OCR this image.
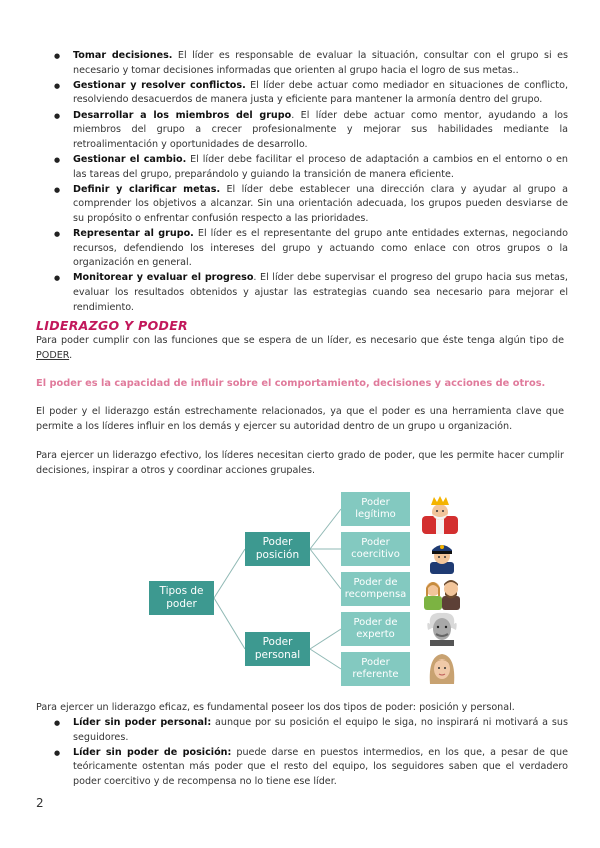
● Tomar decisiones. El líder es responsable de evaluar la situación, consultar con el grupo si es necesario y tomar decisiones informadas que orienten al grupo hacia el logro de sus metas..
● Gestionar y resolver conflictos. El líder debe actuar como mediador en situaciones de conflicto, resolviendo desacuerdos de manera justa y eficiente para mantener la armonía dentro del grupo.
● Desarrollar a los miembros del grupo. El líder debe actuar como mentor, ayudando a los miembros del grupo a crecer profesionalmente y mejorar sus habilidades mediante la retroalimentación y oportunidades de desarrollo.
● Gestionar el cambio. El líder debe facilitar el proceso de adaptación a cambios en el entorno o en las tareas del grupo, preparándolo y guiando la transición de manera eficiente.
● Definir y clarificar metas. El líder debe establecer una dirección clara y ayudar al grupo a comprender los objetivos a alcanzar. Sin una orientación adecuada, los grupos pueden desviarse de su propósito o enfrentar confusión respecto a las prioridades.
● Representar al grupo. El líder es el representante del grupo ante entidades externas, negociando recursos, defendiendo los intereses del grupo y actuando como enlace con otros grupos o la organización en general.
● Monitorear y evaluar el progreso. El líder debe supervisar el progreso del grupo hacia sus metas, evaluar los resultados obtenidos y ajustar las estrategias cuando sea necesario para mejorar el rendimiento.
LIDERAZGO Y PODER
Para poder cumplir con las funciones que se espera de un líder, es necesario que éste tenga algún tipo de PODER.
El poder es la capacidad de influir sobre el comportamiento, decisiones y acciones de otros.
El poder y el liderazgo están estrechamente relacionados, ya que el poder es una herramienta clave que permite a los líderes influir en los demás y ejercer su autoridad dentro de un grupo u organización.
Para ejercer un liderazgo efectivo, los líderes necesitan cierto grado de poder, que les permite hacer cumplir decisiones, inspirar a otros y coordinar acciones grupales.
Tipos de poder
Poder posición
Poder personal
Poder legítimo
Poder coercitivo
Poder de recompensa
Poder de experto
Poder referente
Para ejercer un liderazgo eficaz, es fundamental poseer los dos tipos de poder: posición y personal.
● Líder sin poder personal: aunque por su posición el equipo le siga, no inspirará ni motivará a sus seguidores.
● Líder sin poder de posición: puede darse en puestos intermedios, en los que, a pesar de que teóricamente ostentan más poder que el resto del equipo, los seguidores saben que el verdadero poder coercitivo y de recompensa no lo tiene ese líder.
2
